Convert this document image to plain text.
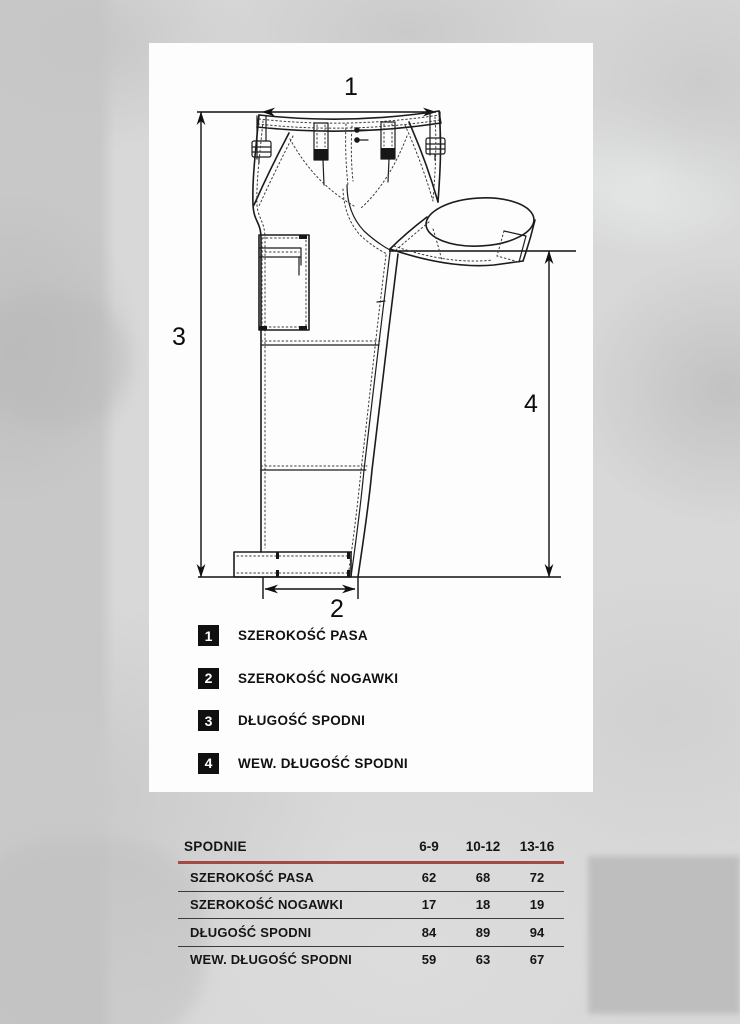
1
3
4
2
1	SZEROKOŚĆ PASA
2	SZEROKOŚĆ NOGAWKI
3	DŁUGOŚĆ SPODNI
4	WEW. DŁUGOŚĆ SPODNI
SPODNIE	6-9	10-12	13-16
SZEROKOŚĆ PASA	62	68	72
SZEROKOŚĆ NOGAWKI	17	18	19
DŁUGOŚĆ SPODNI	84	89	94
WEW. DŁUGOŚĆ SPODNI	59	63	67
